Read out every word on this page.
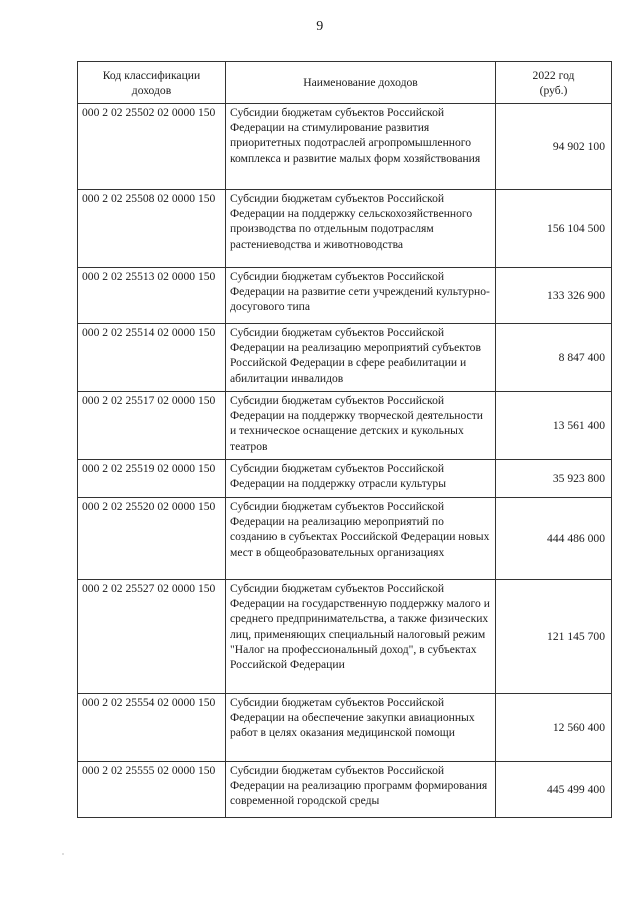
9
Код классификации доходов	Наименование доходов	2022 год (руб.)
000 2 02 25502 02 0000 150	Субсидии бюджетам субъектов Российской Федерации на стимулирование развития приоритетных подотраслей агропромышленного комплекса и развитие малых форм хозяйствования	94 902 100
000 2 02 25508 02 0000 150	Субсидии бюджетам субъектов Российской Федерации на поддержку сельскохозяйственного производства по отдельным подотраслям растениеводства и животноводства	156 104 500
000 2 02 25513 02 0000 150	Субсидии бюджетам субъектов Российской Федерации на развитие сети учреждений культурно-досугового типа	133 326 900
000 2 02 25514 02 0000 150	Субсидии бюджетам субъектов Российской Федерации на реализацию мероприятий субъектов Российской Федерации в сфере реабилитации и абилитации инвалидов	8 847 400
000 2 02 25517 02 0000 150	Субсидии бюджетам субъектов Российской Федерации на поддержку творческой деятельности и техническое оснащение детских и кукольных театров	13 561 400
000 2 02 25519 02 0000 150	Субсидии бюджетам субъектов Российской Федерации на поддержку отрасли культуры	35 923 800
000 2 02 25520 02 0000 150	Субсидии бюджетам субъектов Российской Федерации на реализацию мероприятий по созданию в субъектах Российской Федерации новых мест в общеобразовательных организациях	444 486 000
000 2 02 25527 02 0000 150	Субсидии бюджетам субъектов Российской Федерации на государственную поддержку малого и среднего предпринимательства, а также физических лиц, применяющих специальный налоговый режим "Налог на профессиональный доход", в субъектах Российской Федерации	121 145 700
000 2 02 25554 02 0000 150	Субсидии бюджетам субъектов Российской Федерации на обеспечение закупки авиационных работ в целях оказания медицинской помощи	12 560 400
000 2 02 25555 02 0000 150	Субсидии бюджетам субъектов Российской Федерации на реализацию программ формирования современной городской среды	445 499 400
